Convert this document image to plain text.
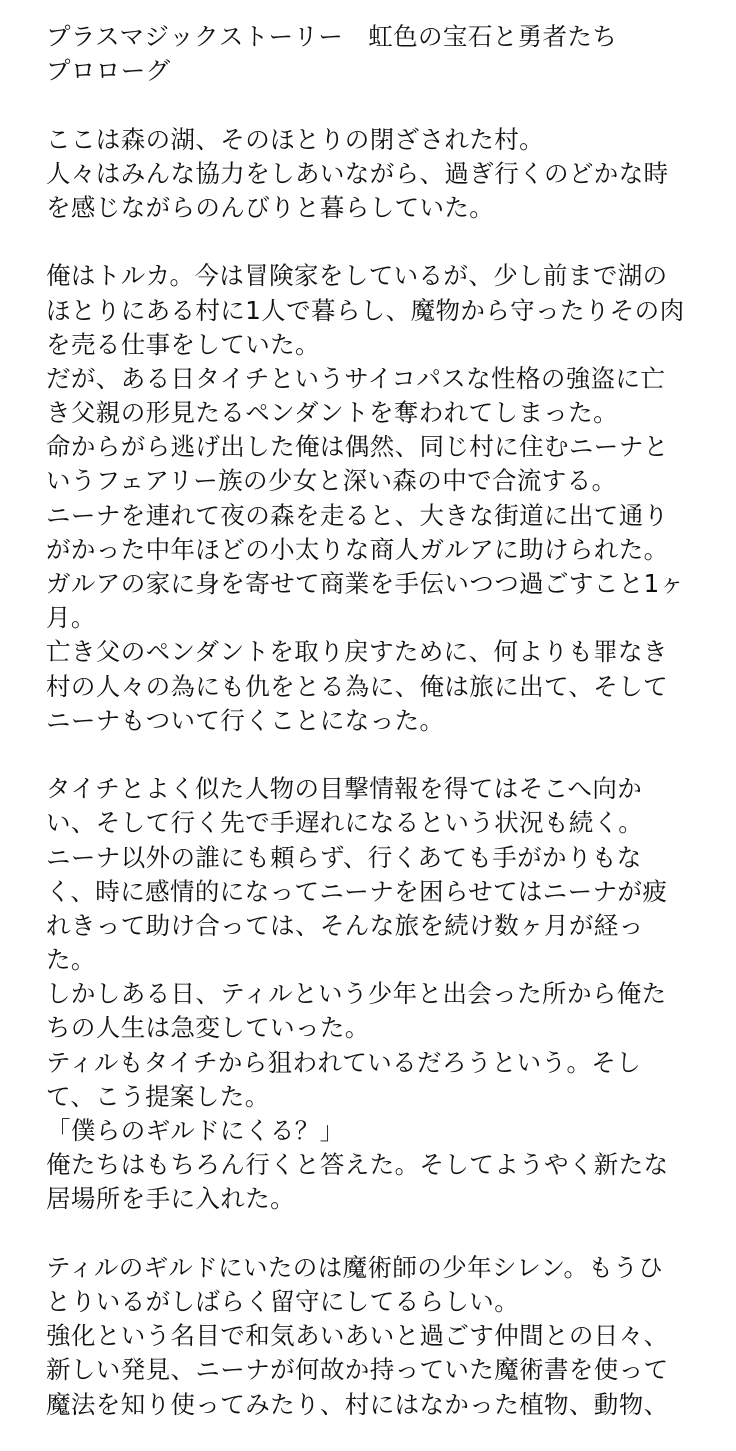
プラスマジックストーリー　虹色の宝石と勇者たち
プロローグ
ここは森の湖、そのほとりの閉ざされた村。
人々はみんな協力をしあいながら、過ぎ行くのどかな時
を感じながらのんびりと暮らしていた。
俺はトルカ。今は冒険家をしているが、少し前まで湖の
ほとりにある村に1人で暮らし、魔物から守ったりその肉
を売る仕事をしていた。
だが、ある日タイチというサイコパスな性格の強盗に亡
き父親の形見たるペンダントを奪われてしまった。
命からがら逃げ出した俺は偶然、同じ村に住むニーナと
いうフェアリー族の少女と深い森の中で合流する。
ニーナを連れて夜の森を走ると、大きな街道に出て通り
がかった中年ほどの小太りな商人ガルアに助けられた。
ガルアの家に身を寄せて商業を手伝いつつ過ごすこと1ヶ
月。
亡き父のペンダントを取り戻すために、何よりも罪なき
村の人々の為にも仇をとる為に、俺は旅に出て、そして
ニーナもついて行くことになった。
タイチとよく似た人物の目撃情報を得てはそこへ向か
い、そして行く先で手遅れになるという状況も続く。
ニーナ以外の誰にも頼らず、行くあても手がかりもな
く、時に感情的になってニーナを困らせてはニーナが疲
れきって助け合っては、そんな旅を続け数ヶ月が経っ
た。
しかしある日、ティルという少年と出会った所から俺た
ちの人生は急変していった。
ティルもタイチから狙われているだろうという。そし
て、こう提案した。
「僕らのギルドにくる？」
俺たちはもちろん行くと答えた。そしてようやく新たな
居場所を手に入れた。
ティルのギルドにいたのは魔術師の少年シレン。もうひ
とりいるがしばらく留守にしてるらしい。
強化という名目で和気あいあいと過ごす仲間との日々、
新しい発見、ニーナが何故か持っていた魔術書を使って
魔法を知り使ってみたり、村にはなかった植物、動物、
